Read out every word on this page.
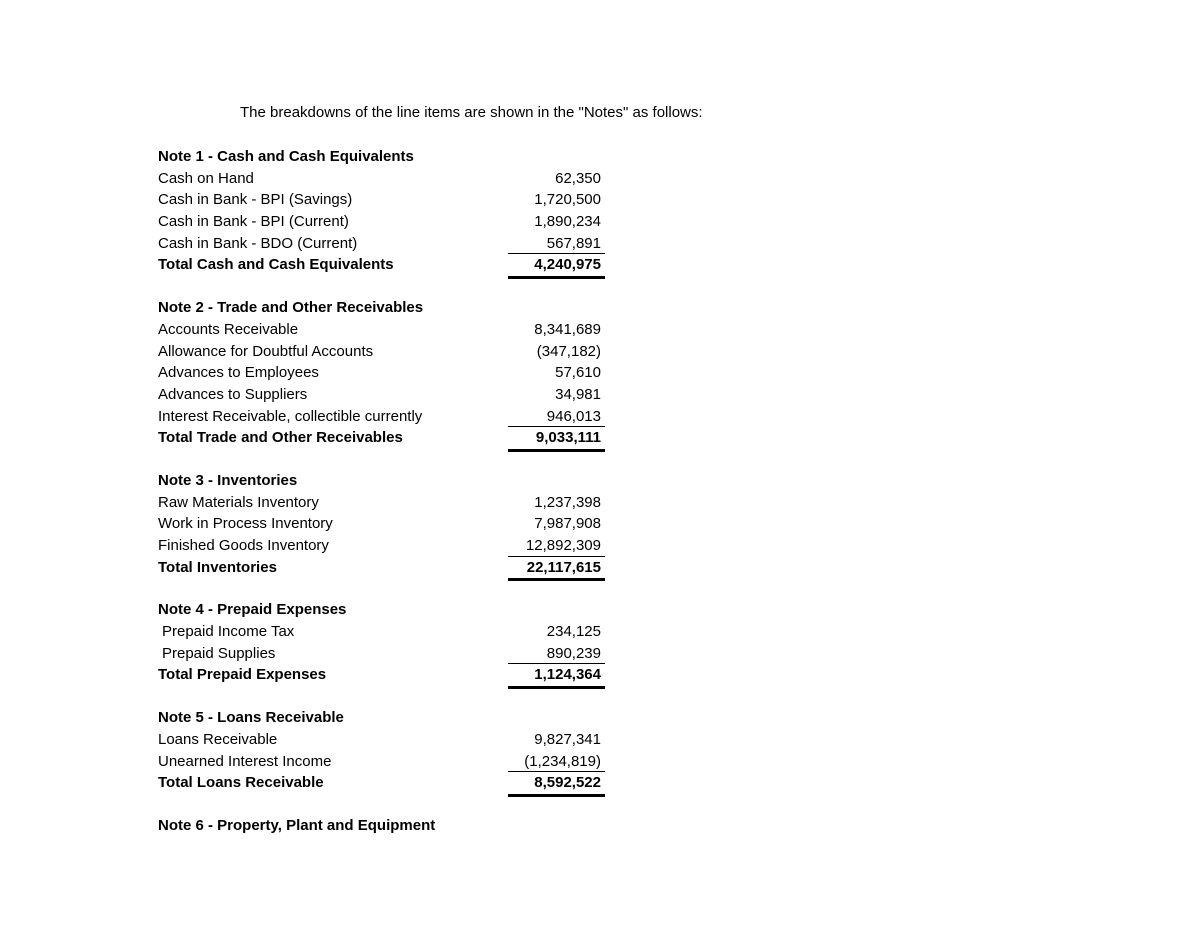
The breakdowns of the line items are shown in the "Notes" as follows:
Note 1 - Cash and Cash Equivalents
Cash on Hand	62,350
Cash in Bank - BPI (Savings)	1,720,500
Cash in Bank - BPI (Current)	1,890,234
Cash in Bank - BDO (Current)	567,891
Total Cash and Cash Equivalents	4,240,975
Note 2 - Trade and Other Receivables
Accounts Receivable	8,341,689
Allowance for Doubtful Accounts	(347,182)
Advances to Employees	57,610
Advances to Suppliers	34,981
Interest Receivable, collectible currently	946,013
Total Trade and Other Receivables	9,033,111
Note 3 - Inventories
Raw Materials Inventory	1,237,398
Work in Process Inventory	7,987,908
Finished Goods Inventory	12,892,309
Total Inventories	22,117,615
Note 4 - Prepaid Expenses
Prepaid Income Tax	234,125
Prepaid Supplies	890,239
Total Prepaid Expenses	1,124,364
Note 5 - Loans Receivable
Loans Receivable	9,827,341
Unearned Interest Income	(1,234,819)
Total Loans Receivable	8,592,522
Note 6 - Property, Plant and Equipment
